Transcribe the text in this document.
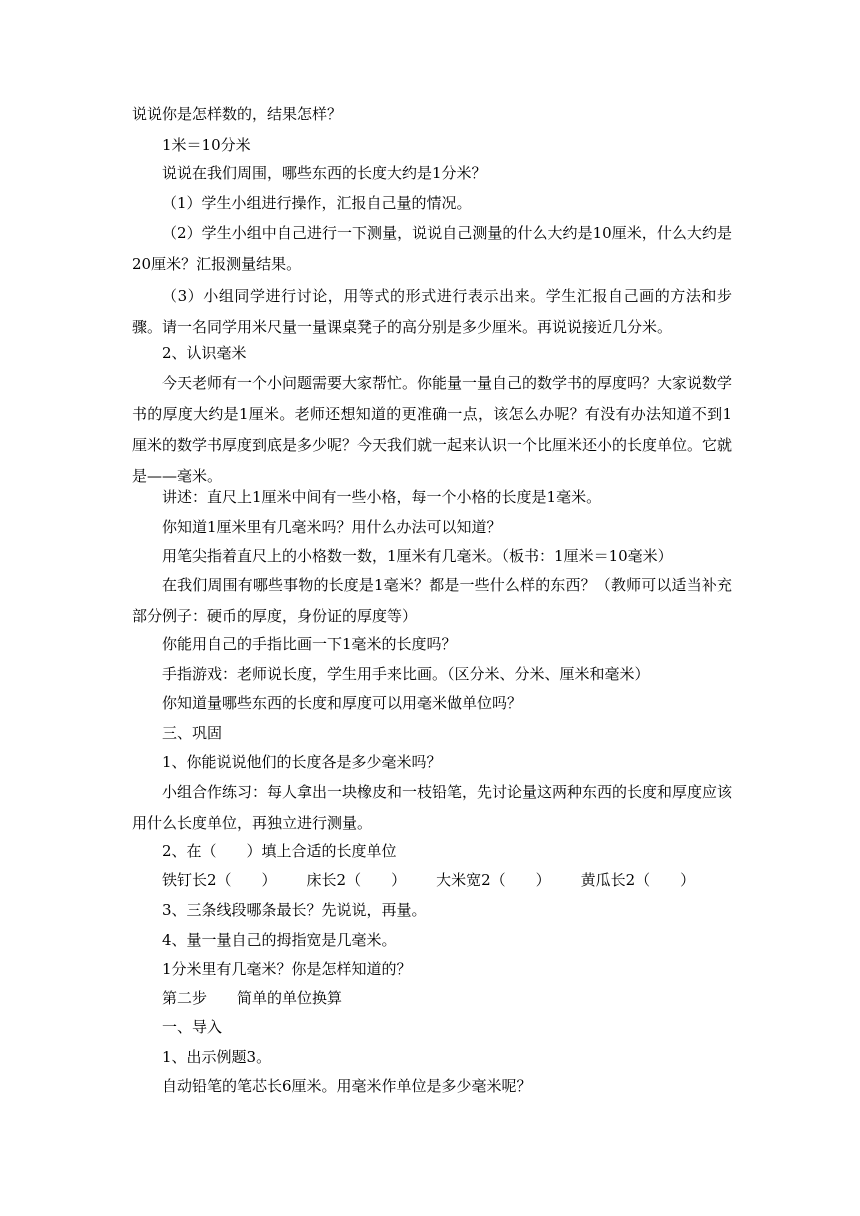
说说你是怎样数的，结果怎样？

1米＝10分米

说说在我们周围，哪些东西的长度大约是1分米？

（1）学生小组进行操作，汇报自己量的情况。

（2）学生小组中自己进行一下测量，说说自己测量的什么大约是10厘米，什么大约是20厘米？汇报测量结果。

（3）小组同学进行讨论，用等式的形式进行表示出来。学生汇报自己画的方法和步骤。请一名同学用米尺量一量课桌凳子的高分别是多少厘米。再说说接近几分米。

2、认识毫米

今天老师有一个小问题需要大家帮忙。你能量一量自己的数学书的厚度吗？大家说数学书的厚度大约是1厘米。老师还想知道的更准确一点，该怎么办呢？有没有办法知道不到1厘米的数学书厚度到底是多少呢？今天我们就一起来认识一个比厘米还小的长度单位。它就是——毫米。

讲述：直尺上1厘米中间有一些小格，每一个小格的长度是1毫米。

你知道1厘米里有几毫米吗？用什么办法可以知道？

用笔尖指着直尺上的小格数一数，1厘米有几毫米。（板书：1厘米＝10毫米）

在我们周围有哪些事物的长度是1毫米？都是一些什么样的东西？（教师可以适当补充部分例子：硬币的厚度，身份证的厚度等）

你能用自己的手指比画一下1毫米的长度吗？

手指游戏：老师说长度，学生用手来比画。（区分米、分米、厘米和毫米）

你知道量哪些东西的长度和厚度可以用毫米做单位吗？

三、巩固

1、你能说说他们的长度各是多少毫米吗？

小组合作练习：每人拿出一块橡皮和一枝铅笔，先讨论量这两种东西的长度和厚度应该用什么长度单位，再独立进行测量。

2、在（　　）填上合适的长度单位

铁钉长2（　　） 床长2（　　） 大米宽2（　　） 黄瓜长2（　　）

3、三条线段哪条最长？先说说，再量。

4、量一量自己的拇指宽是几毫米。

1分米里有几毫米？你是怎样知道的？

第二步　　简单的单位换算

一、导入

1、出示例题3。

自动铅笔的笔芯长6厘米。用毫米作单位是多少毫米呢？
